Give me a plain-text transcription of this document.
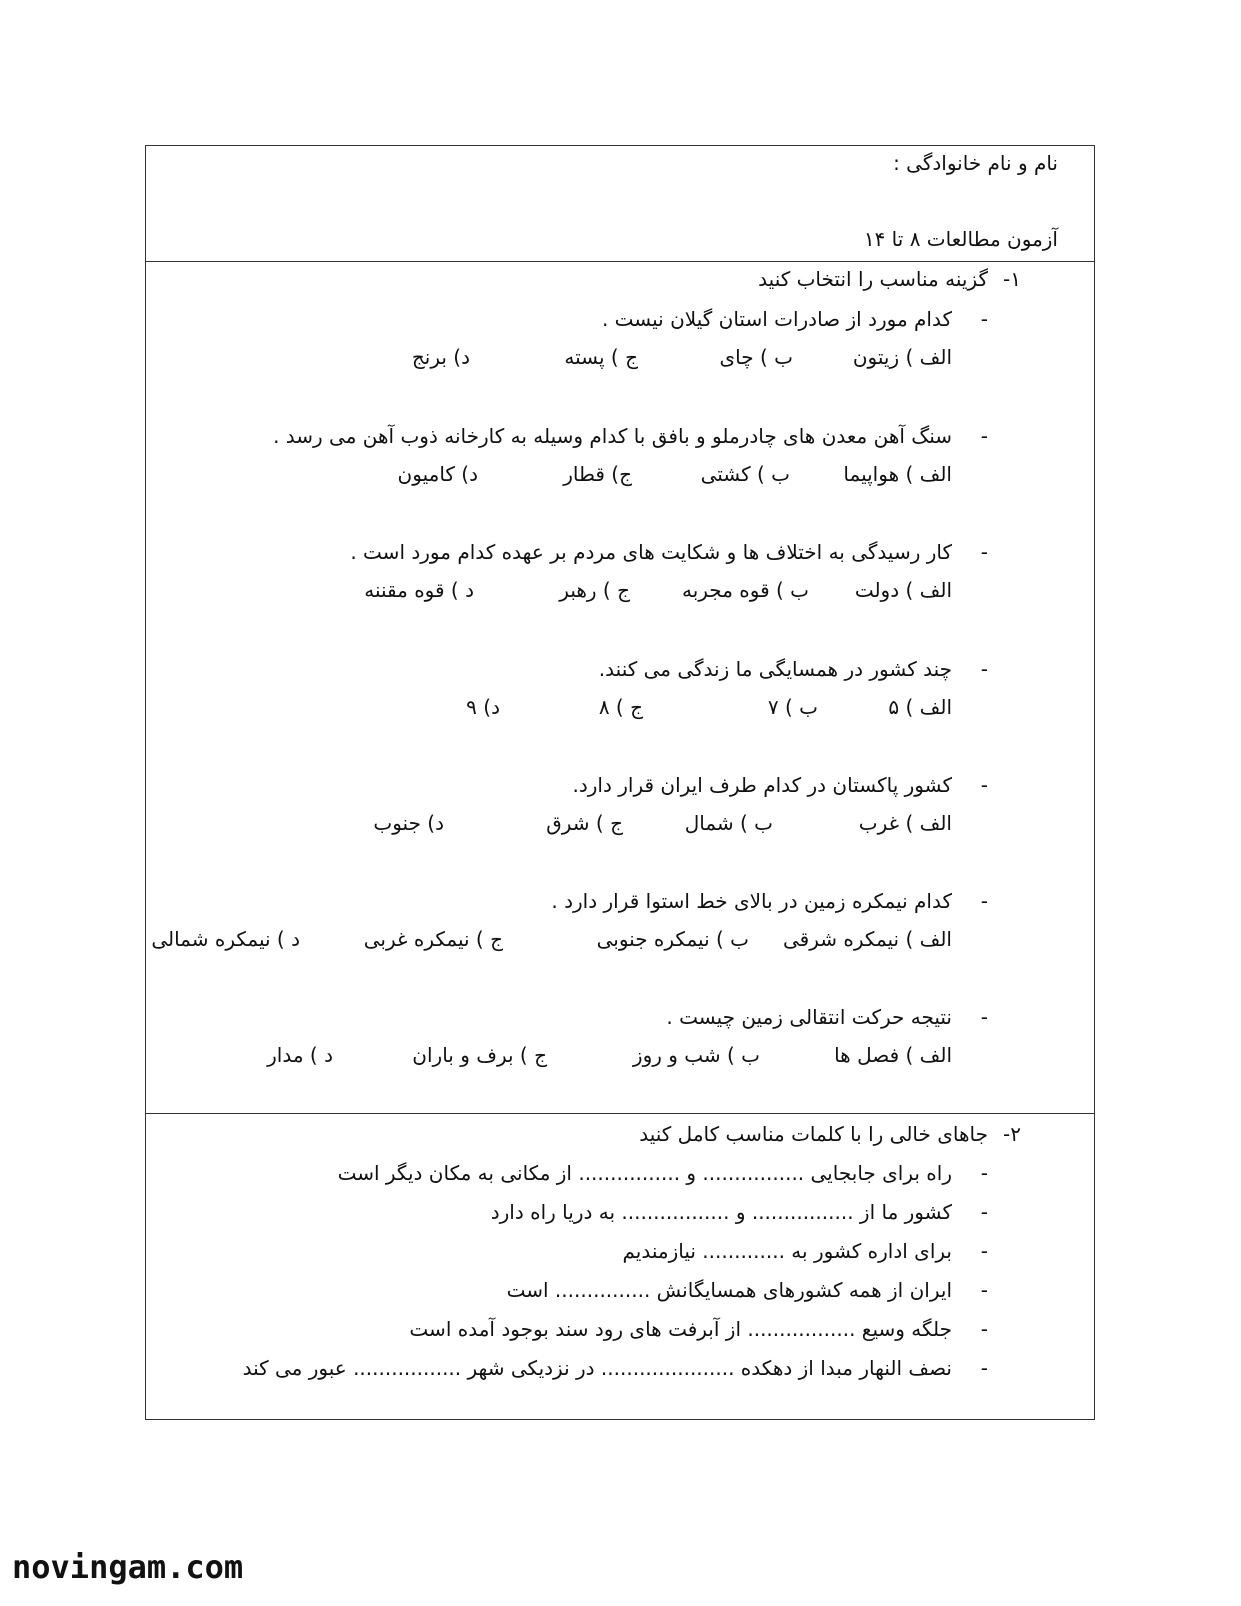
نام و نام خانوادگی :
آزمون مطالعات ۸ تا ۱۴
۱-
گزینه مناسب را انتخاب کنید
-
کدام مورد از صادرات استان گیلان نیست .
الف ) زیتون
ب ) چای
ج ) پسته
د) برنج
-
سنگ آهن معدن های چادرملو و بافق با کدام وسیله به کارخانه ذوب آهن می رسد .
الف ) هواپیما
ب ) کشتی
ج) قطار
د) کامیون
-
کار رسیدگی به اختلاف ها و شکایت های مردم بر عهده کدام مورد است .
الف ) دولت
ب ) قوه مجربه
ج ) رهبر
د ) قوه مقننه
-
چند کشور در همسایگی ما زندگی می کنند.
الف ) ۵
ب ) ۷
ج ) ۸
د) ۹
-
کشور پاکستان در کدام طرف ایران قرار دارد.
الف ) غرب
ب ) شمال
ج ) شرق
د) جنوب
-
کدام نیمکره زمین در بالای خط استوا قرار دارد .
الف ) نیمکره شرقی
ب ) نیمکره جنوبی
ج ) نیمکره غربی
د ) نیمکره شمالی
-
نتیجه حرکت انتقالی زمین چیست .
الف ) فصل ها
ب ) شب و روز
ج ) برف و باران
د ) مدار
۲-
جاهای خالی را با کلمات مناسب کامل کنید
-
راه برای جابجایی ................ و ................ از مکانی به مکان دیگر است
-
کشور ما از ................ و ................. به دریا راه دارد
-
برای اداره کشور به ............. نیازمندیم
-
ایران از همه کشورهای همسایگانش ............... است
-
جلگه وسیع ................. از آبرفت های رود سند بوجود آمده است
-
نصف النهار مبدا از دهکده ..................... در نزدیکی شهر ................. عبور می کند
novingam.com
